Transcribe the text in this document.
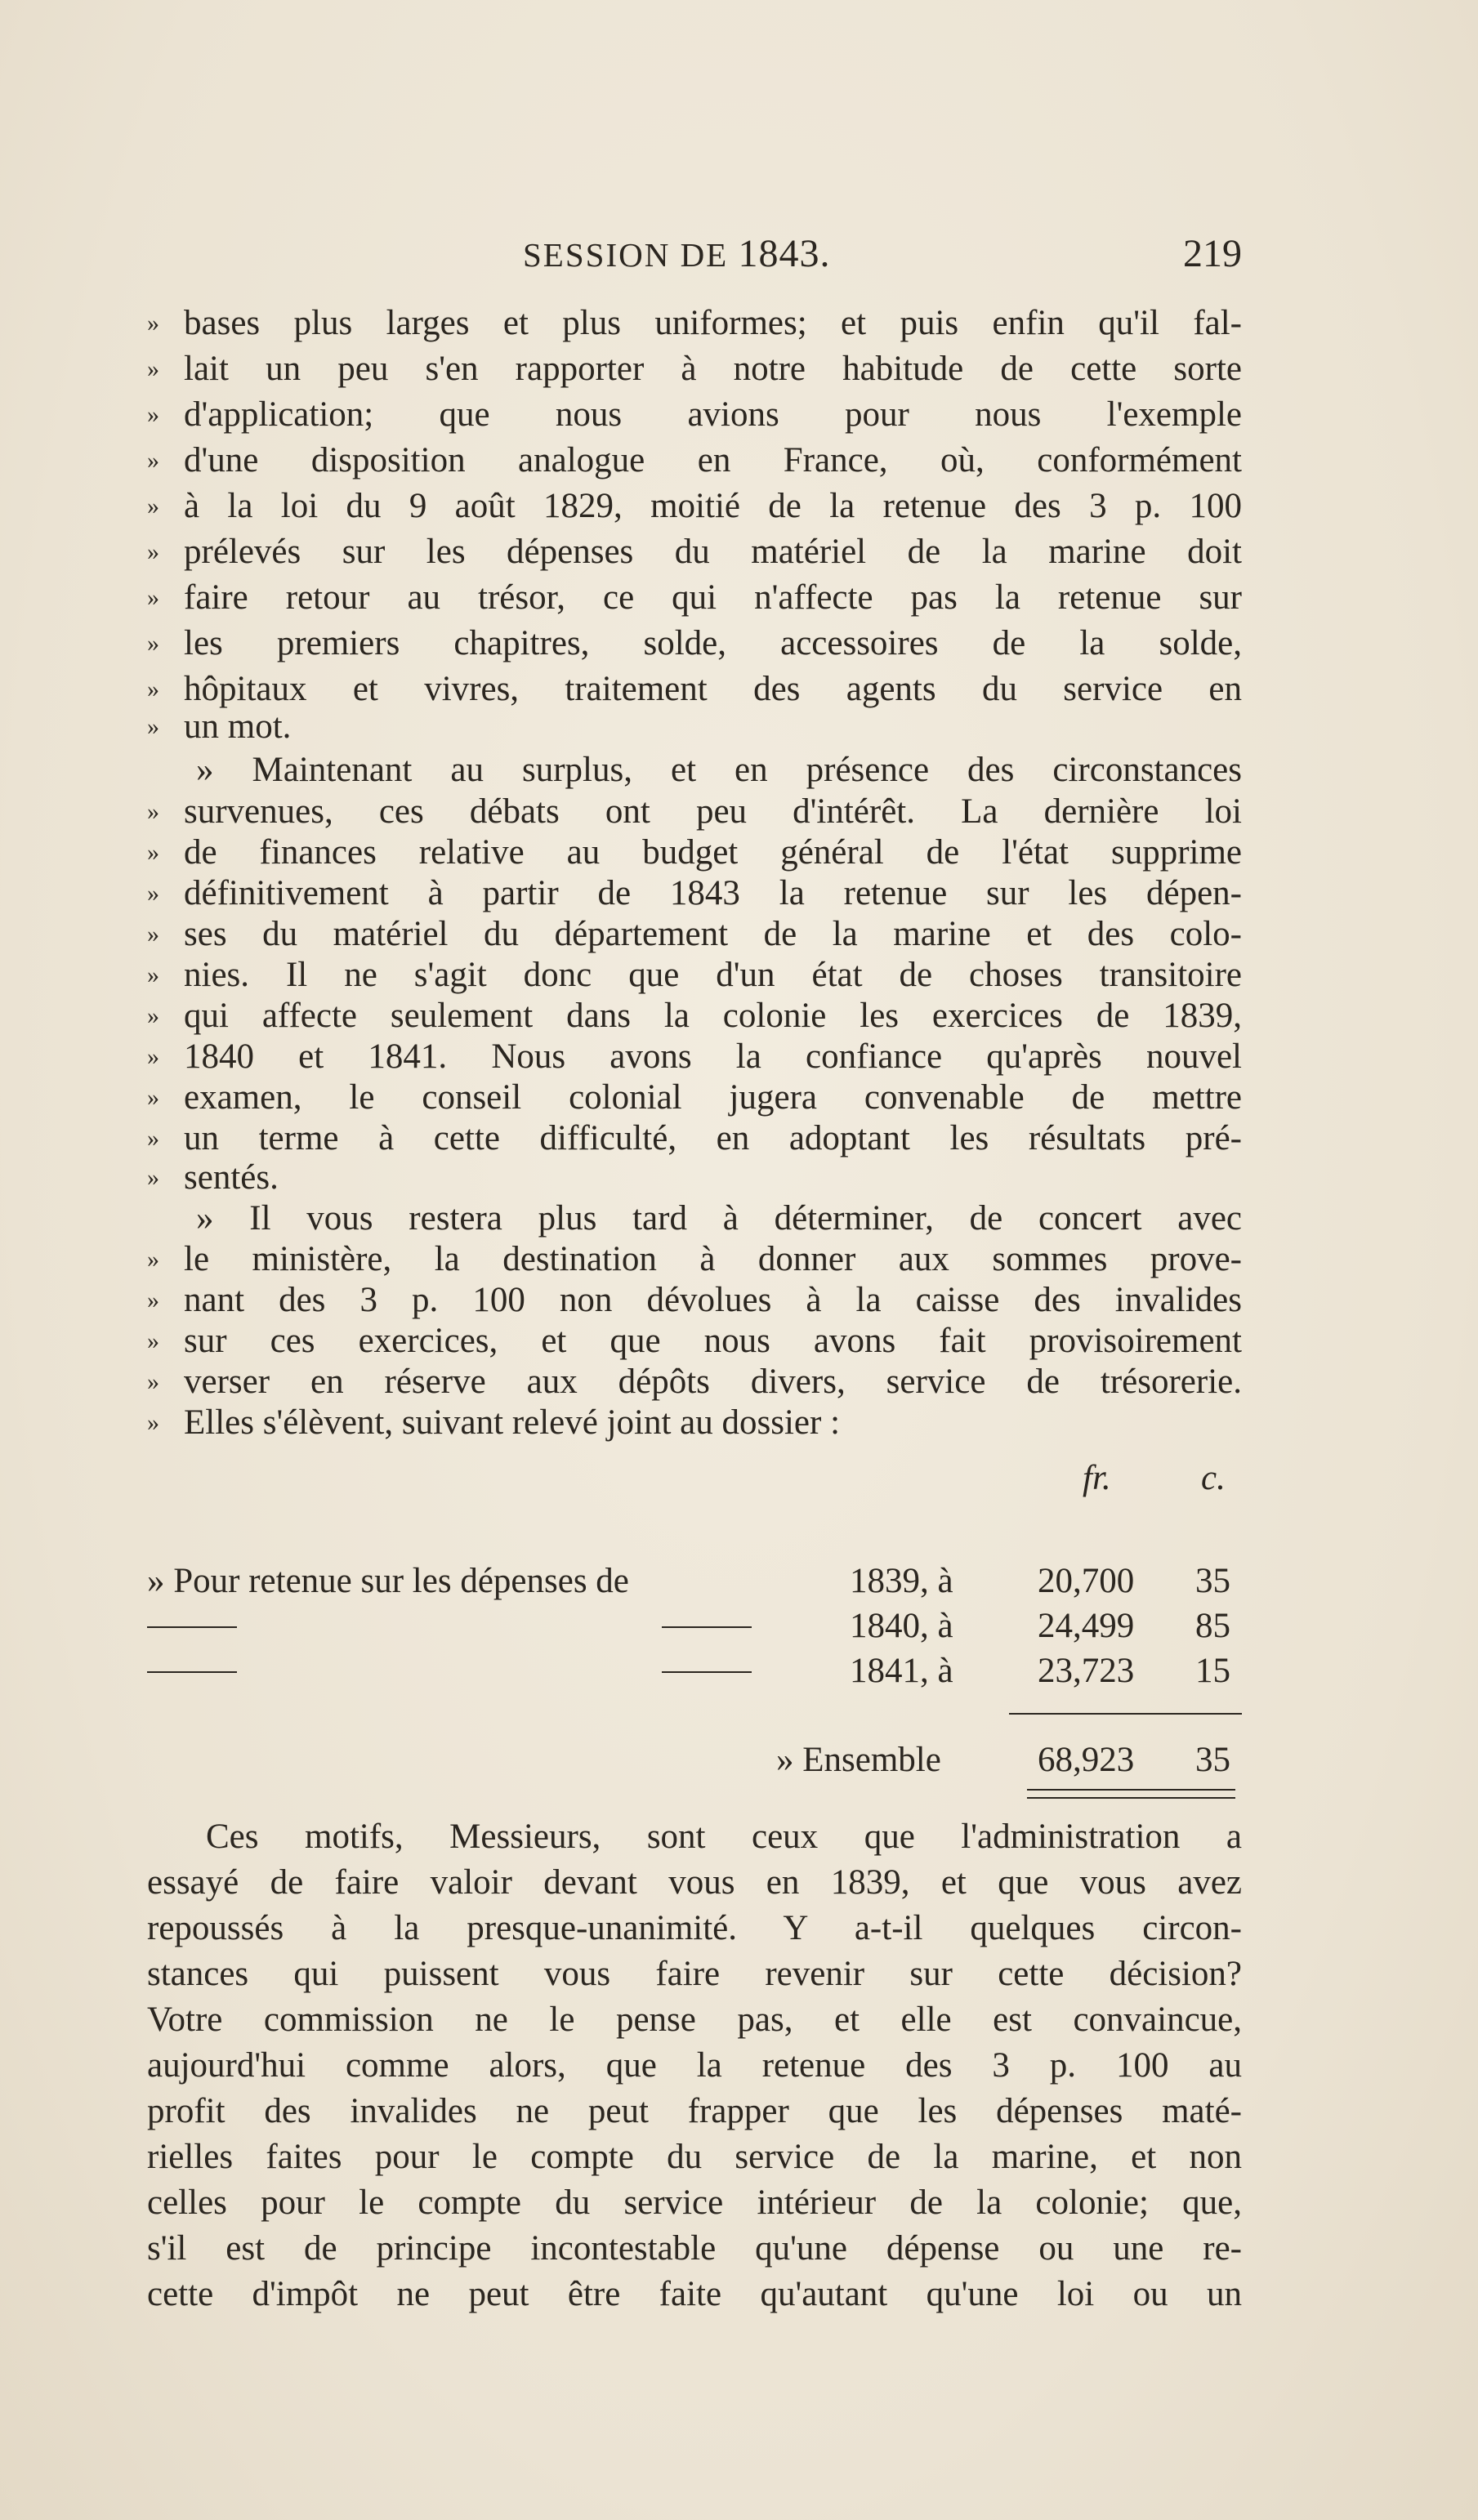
SESSION DE 1843.	219
» bases plus larges et plus uniformes; et puis enfin qu'il fal-
» lait un peu s'en rapporter à notre habitude de cette sorte
» d'application; que nous avions pour nous l'exemple
» d'une disposition analogue en France, où, conformément
» à la loi du 9 août 1829, moitié de la retenue des 3 p. 100
» prélevés sur les dépenses du matériel de la marine doit
» faire retour au trésor, ce qui n'affecte pas la retenue sur
» les premiers chapitres, solde, accessoires de la solde,
» hôpitaux et vivres, traitement des agents du service en
» un mot.
» Maintenant au surplus, et en présence des circonstances
» survenues, ces débats ont peu d'intérêt. La dernière loi
» de finances relative au budget général de l'état supprime
» définitivement à partir de 1843 la retenue sur les dépen-
» ses du matériel du département de la marine et des colo-
» nies. Il ne s'agit donc que d'un état de choses transitoire
» qui affecte seulement dans la colonie les exercices de 1839,
» 1840 et 1841. Nous avons la confiance qu'après nouvel
» examen, le conseil colonial jugera convenable de mettre
» un terme à cette difficulté, en adoptant les résultats pré-
» sentés.
» Il vous restera plus tard à déterminer, de concert avec
» le ministère, la destination à donner aux sommes prove-
» nant des 3 p. 100 non dévolues à la caisse des invalides
» sur ces exercices, et que nous avons fait provisoirement
» verser en réserve aux dépôts divers, service de trésorerie.
» Elles s'élèvent, suivant relevé joint au dossier :
fr.	c.
» Pour retenue sur les dépenses de	1839, à 20,700 35
1840, à 24,499 85
1841, à 23,723 15
» Ensemble	68,923 35
Ces motifs, Messieurs, sont ceux que l'administration a
essayé de faire valoir devant vous en 1839, et que vous avez
repoussés à la presque-unanimité. Y a-t-il quelques circon-
stances qui puissent vous faire revenir sur cette décision?
Votre commission ne le pense pas, et elle est convaincue,
aujourd'hui comme alors, que la retenue des 3 p. 100 au
profit des invalides ne peut frapper que les dépenses maté-
rielles faites pour le compte du service de la marine, et non
celles pour le compte du service intérieur de la colonie; que,
s'il est de principe incontestable qu'une dépense ou une re-
cette d'impôt ne peut être faite qu'autant qu'une loi ou un
